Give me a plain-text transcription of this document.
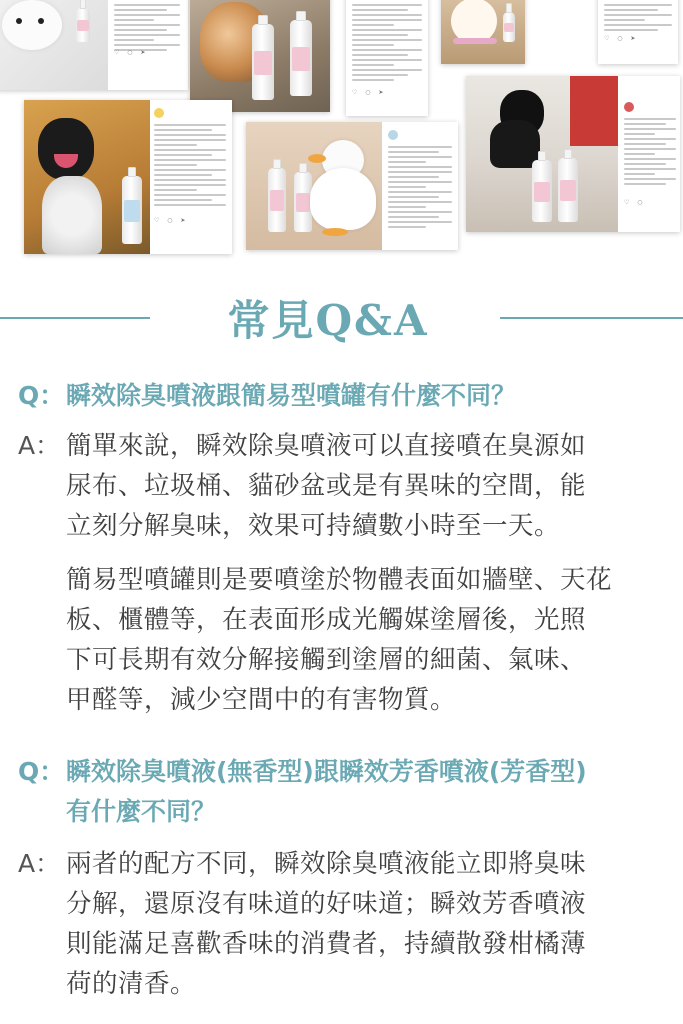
♡ ○ ➤
♡ ○ ➤
♡ ○ ➤
♡ ○ ➤
♡ ○
常見Q&A
Q： 瞬效除臭噴液跟簡易型噴罐有什麼不同？
A： 簡單來說，瞬效除臭噴液可以直接噴在臭源如
尿布、垃圾桶、貓砂盆或是有異味的空間，能
立刻分解臭味，效果可持續數小時至一天。
簡易型噴罐則是要噴塗於物體表面如牆壁、天花
板、櫃體等，在表面形成光觸媒塗層後，光照
下可長期有效分解接觸到塗層的細菌、氣味、
甲醛等，減少空間中的有害物質。
Q： 瞬效除臭噴液(無香型)跟瞬效芳香噴液(芳香型)
有什麼不同？
A： 兩者的配方不同，瞬效除臭噴液能立即將臭味
分解，還原沒有味道的好味道；瞬效芳香噴液
則能滿足喜歡香味的消費者，持續散發柑橘薄
荷的清香。
